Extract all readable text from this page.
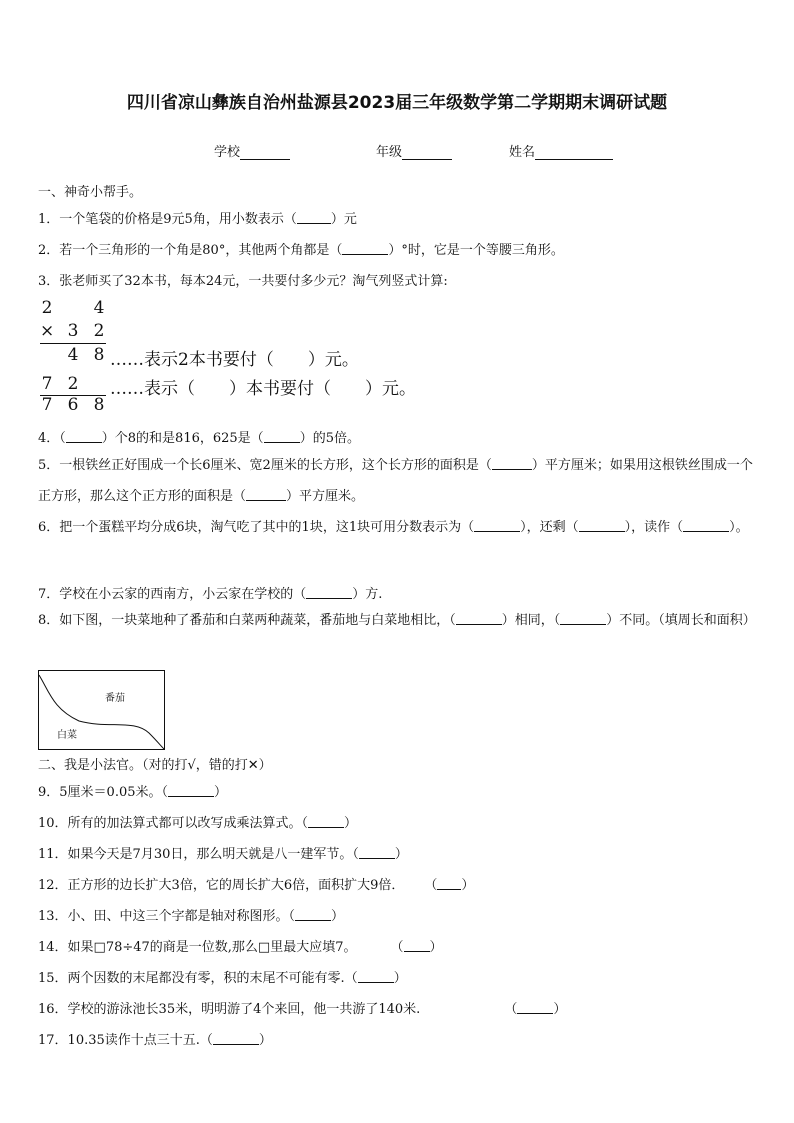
四川省凉山彝族自治州盐源县2023届三年级数学第二学期期末调研试题
学校	年级	姓名
一、神奇小帮手。
1．一个笔袋的价格是9元5角，用小数表示（	）元
2．若一个三角形的一个角是80°，其他两个角都是（	）°时，它是一个等腰三角形。
3．张老师买了32本书，每本24元，一共要付多少元？淘气列竖式计算:
2 4
× 3 2
4 8 ……表示2本书要付（　　）元。
7 2 ……表示（　　）本书要付（　　）元。
7 6 8
4．（	）个8的和是816，625是（	）的5倍。
5．一根铁丝正好围成一个长6厘米、宽2厘米的长方形，这个长方形的面积是（	）平方厘米；如果用这根铁丝围成一个正方形，那么这个正方形的面积是（	）平方厘米。
6．把一个蛋糕平均分成6块，淘气吃了其中的1块，这1块可用分数表示为（	），还剩（	），读作（	）。
7．学校在小云家的西南方，小云家在学校的（	）方.
8．如下图，一块菜地种了番茄和白菜两种蔬菜，番茄地与白菜地相比，（	）相同，（	）不同。（填周长和面积）
番茄
白菜
二、我是小法官。（对的打√，错的打✕）
9．5厘米＝0.05米。（	）
10．所有的加法算式都可以改写成乘法算式。（	）
11．如果今天是7月30日，那么明天就是八一建军节。（	）
12．正方形的边长扩大3倍，它的周长扩大6倍，面积扩大9倍． （ ）
13．小、田、中这三个字都是轴对称图形。（	）
14．如果□78÷47的商是一位数,那么□里最大应填7。	（ ）
15．两个因数的末尾都没有零，积的末尾不可能有零.（	）
16．学校的游泳池长35米，明明游了4个来回，他一共游了140米.	（	）
17．10.35读作十点三十五.（	）
